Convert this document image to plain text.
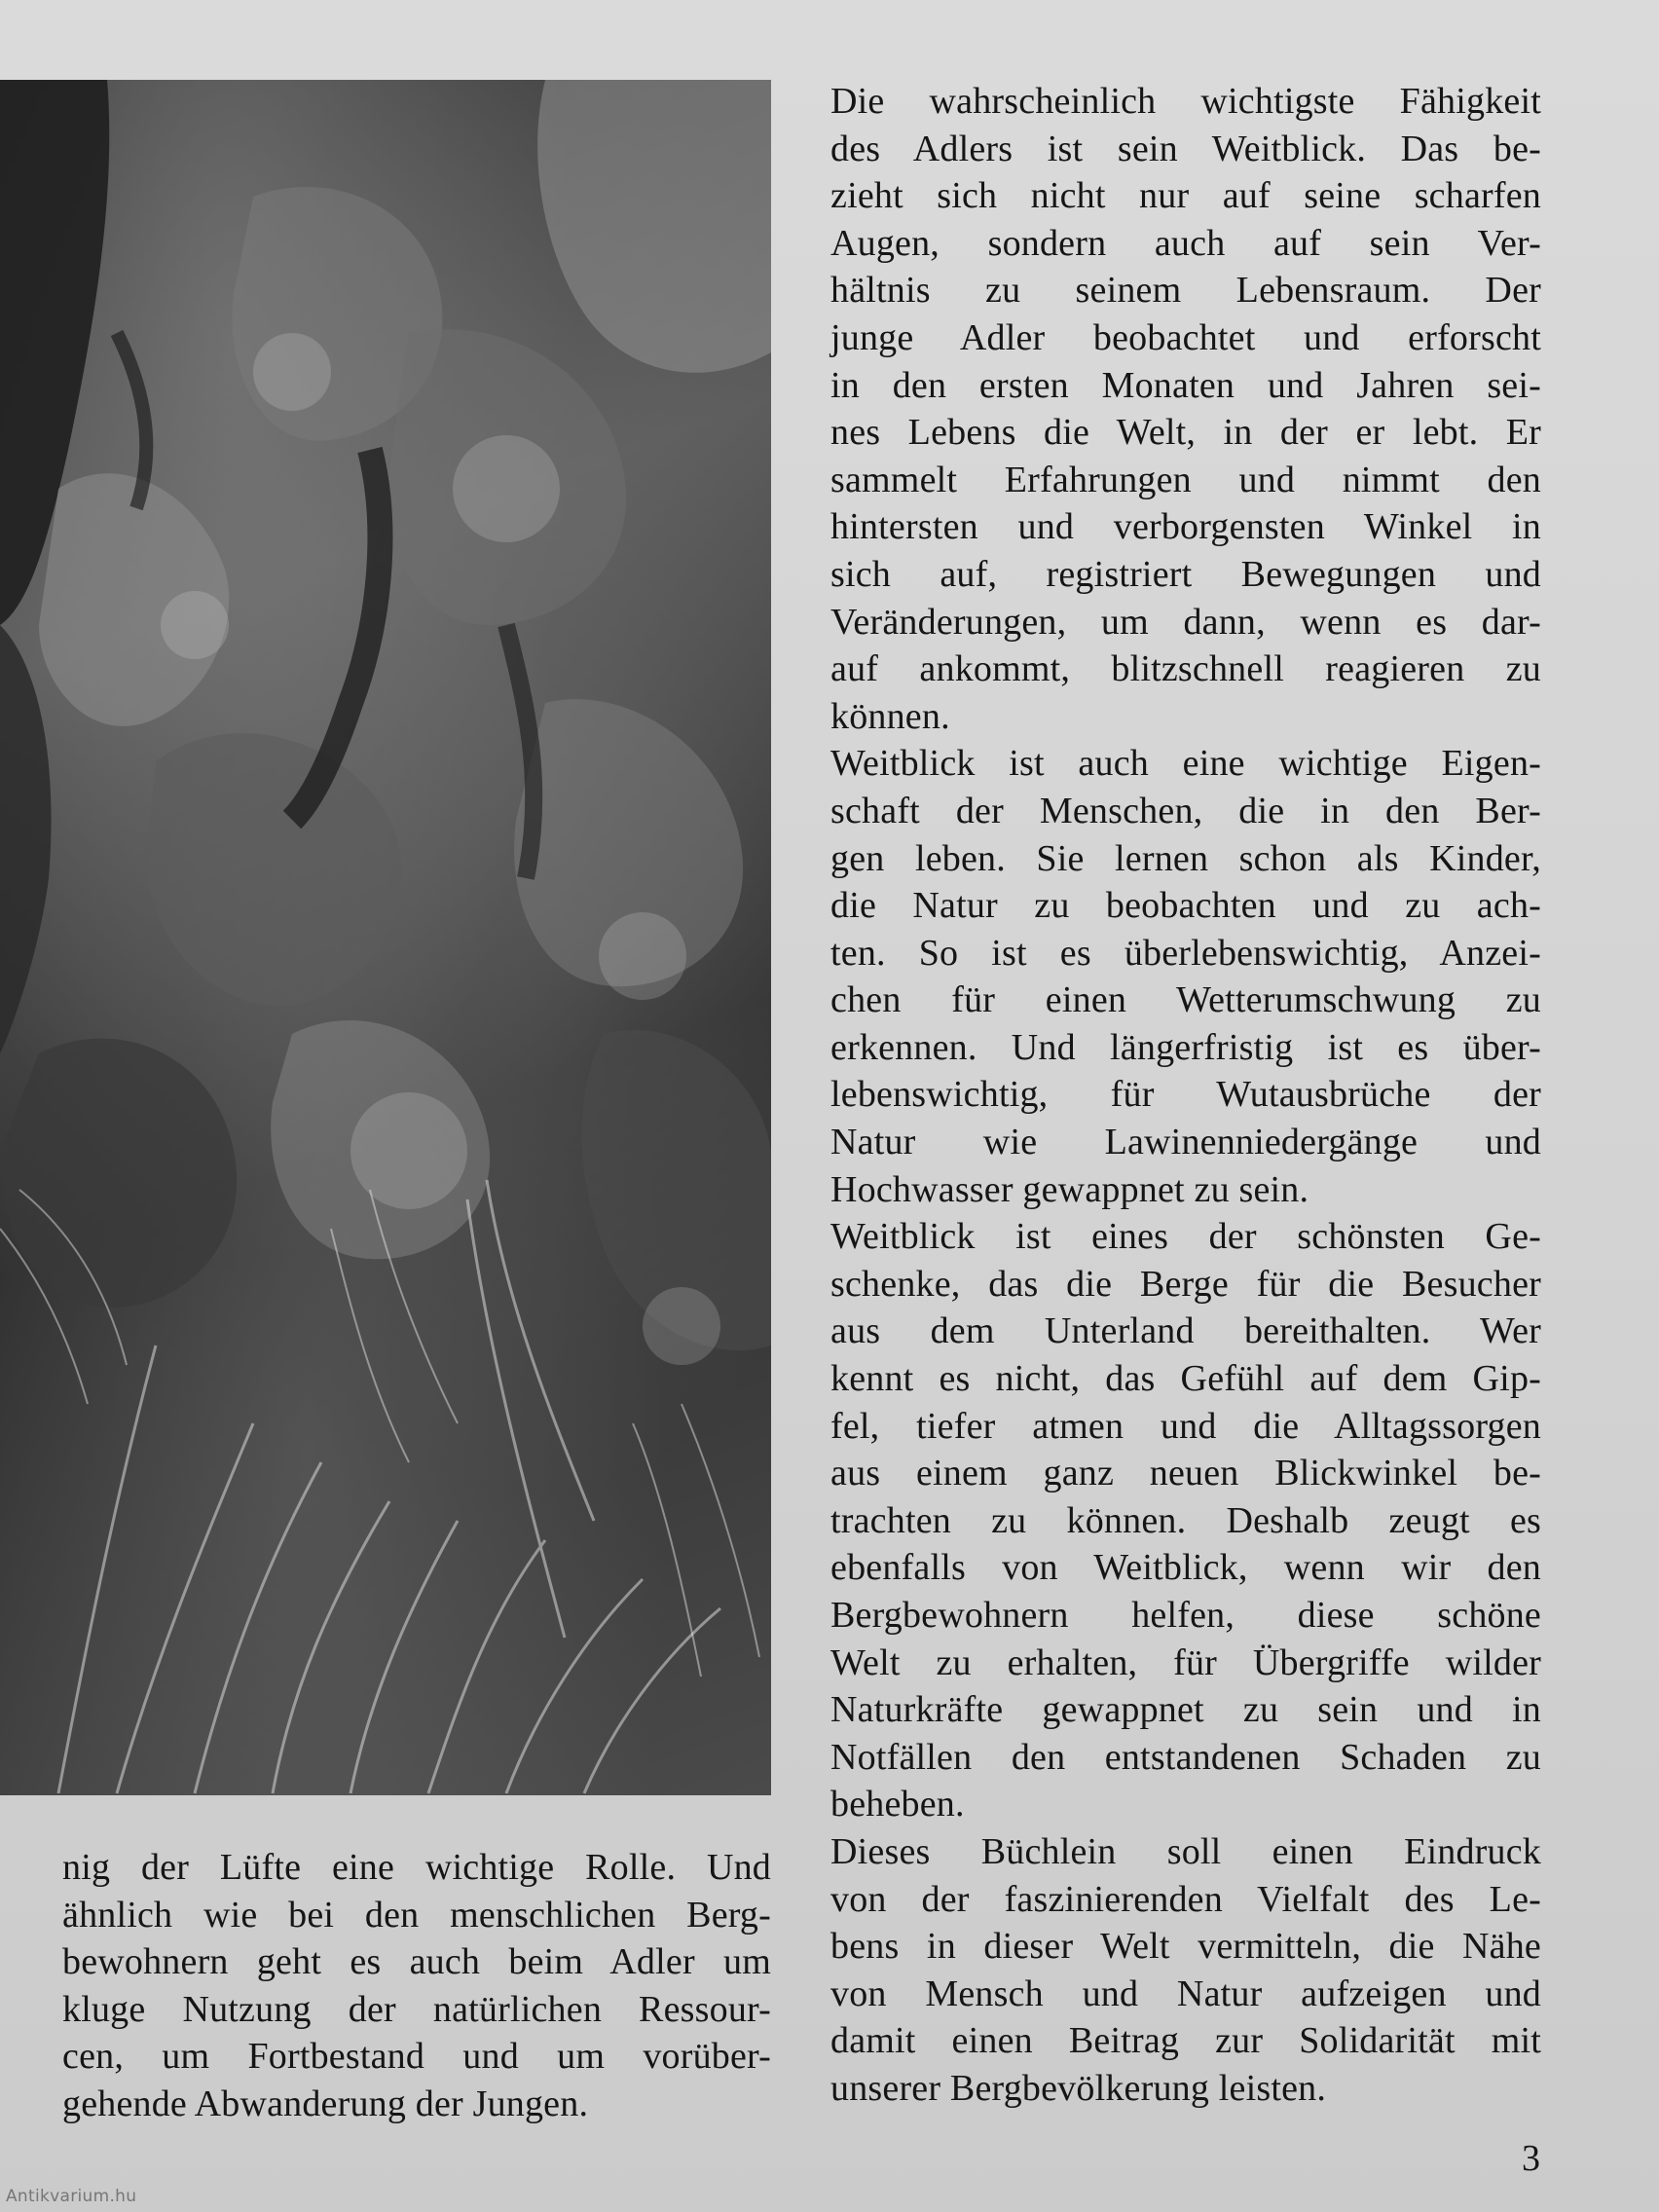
Die wahrscheinlich wichtigste Fähigkeit
des Adlers ist sein Weitblick. Das be-
zieht sich nicht nur auf seine scharfen
Augen, sondern auch auf sein Ver-
hältnis zu seinem Lebensraum. Der
junge Adler beobachtet und erforscht
in den ersten Monaten und Jahren sei-
nes Lebens die Welt, in der er lebt. Er
sammelt Erfahrungen und nimmt den
hintersten und verborgensten Winkel in
sich auf, registriert Bewegungen und
Veränderungen, um dann, wenn es dar-
auf ankommt, blitzschnell reagieren zu
können.

Weitblick ist auch eine wichtige Eigen-
schaft der Menschen, die in den Ber-
gen leben. Sie lernen schon als Kinder,
die Natur zu beobachten und zu ach-
ten. So ist es überlebenswichtig, Anzei-
chen für einen Wetterumschwung zu
erkennen. Und längerfristig ist es über-
lebenswichtig, für Wutausbrüche der
Natur wie Lawinenniedergänge und
Hochwasser gewappnet zu sein.

Weitblick ist eines der schönsten Ge-
schenke, das die Berge für die Besucher
aus dem Unterland bereithalten. Wer
kennt es nicht, das Gefühl auf dem Gip-
fel, tiefer atmen und die Alltagssorgen
aus einem ganz neuen Blickwinkel be-
trachten zu können. Deshalb zeugt es
ebenfalls von Weitblick, wenn wir den
Bergbewohnern helfen, diese schöne
Welt zu erhalten, für Übergriffe wilder
Naturkräfte gewappnet zu sein und in
Notfällen den entstandenen Schaden zu
beheben.

Dieses Büchlein soll einen Eindruck
von der faszinierenden Vielfalt des Le-
bens in dieser Welt vermitteln, die Nähe
von Mensch und Natur aufzeigen und
damit einen Beitrag zur Solidarität mit
unserer Bergbevölkerung leisten.

nig der Lüfte eine wichtige Rolle. Und
ähnlich wie bei den menschlichen Berg-
bewohnern geht es auch beim Adler um
kluge Nutzung der natürlichen Ressour-
cen, um Fortbestand und um vorüber-
gehende Abwanderung der Jungen.
3
Antikvarium.hu
